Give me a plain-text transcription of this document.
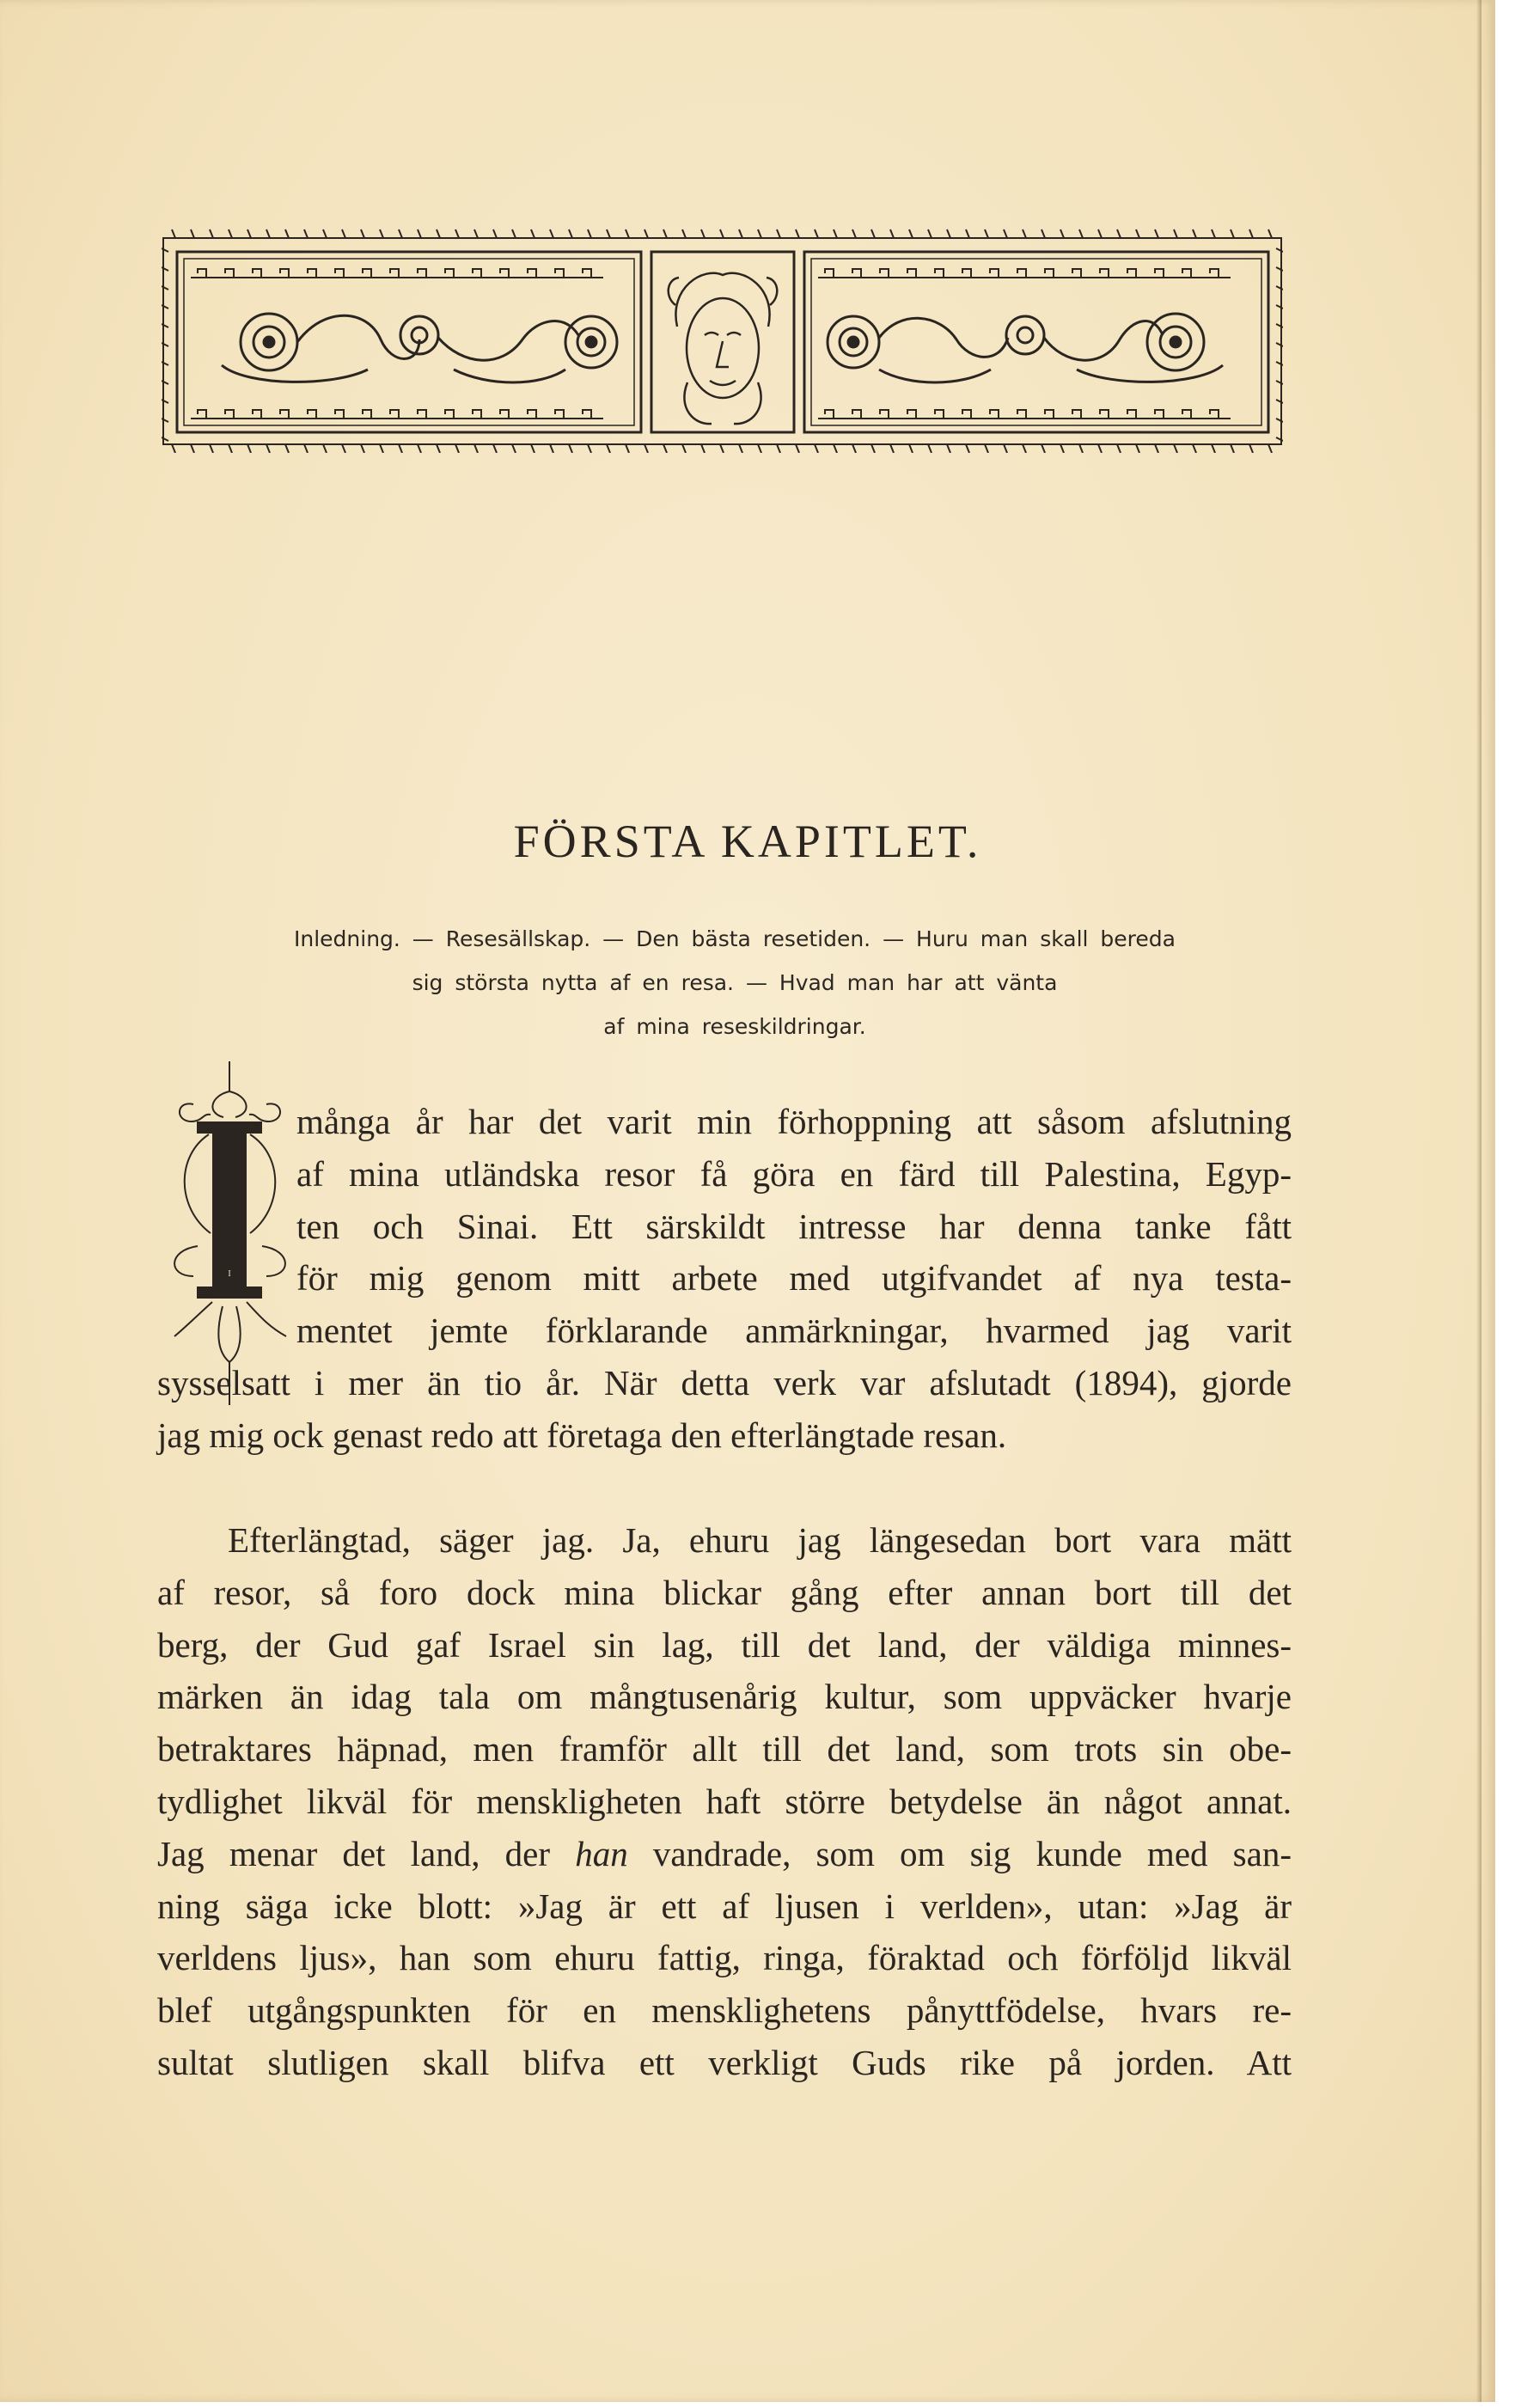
FÖRSTA KAPITLET.
Inledning. — Resesällskap. — Den bästa resetiden. — Huru man skall bereda
sig största nytta af en resa. — Hvad man har att vänta
af mina reseskildringar.
I
många år har det varit min förhoppning att såsom afslutning
af mina utländska resor få göra en färd till Palestina, Egyp-
ten och Sinai. Ett särskildt intresse har denna tanke fått
för mig genom mitt arbete med utgifvandet af nya testa-
mentet jemte förklarande anmärkningar, hvarmed jag varit
sysselsatt i mer än tio år. När detta verk var afslutadt (1894), gjorde
jag mig ock genast redo att företaga den efterlängtade resan.
Efterlängtad, säger jag. Ja, ehuru jag längesedan bort vara mätt
af resor, så foro dock mina blickar gång efter annan bort till det
berg, der Gud gaf Israel sin lag, till det land, der väldiga minnes-
märken än idag tala om mångtusenårig kultur, som uppväcker hvarje
betraktares häpnad, men framför allt till det land, som trots sin obe-
tydlighet likväl för menskligheten haft större betydelse än något annat.
Jag menar det land, der han vandrade, som om sig kunde med san-
ning säga icke blott: »Jag är ett af ljusen i verlden», utan: »Jag är
verldens ljus», han som ehuru fattig, ringa, föraktad och förföljd likväl
blef utgångspunkten för en mensklighetens pånyttfödelse, hvars re-
sultat slutligen skall blifva ett verkligt Guds rike på jorden. Att
